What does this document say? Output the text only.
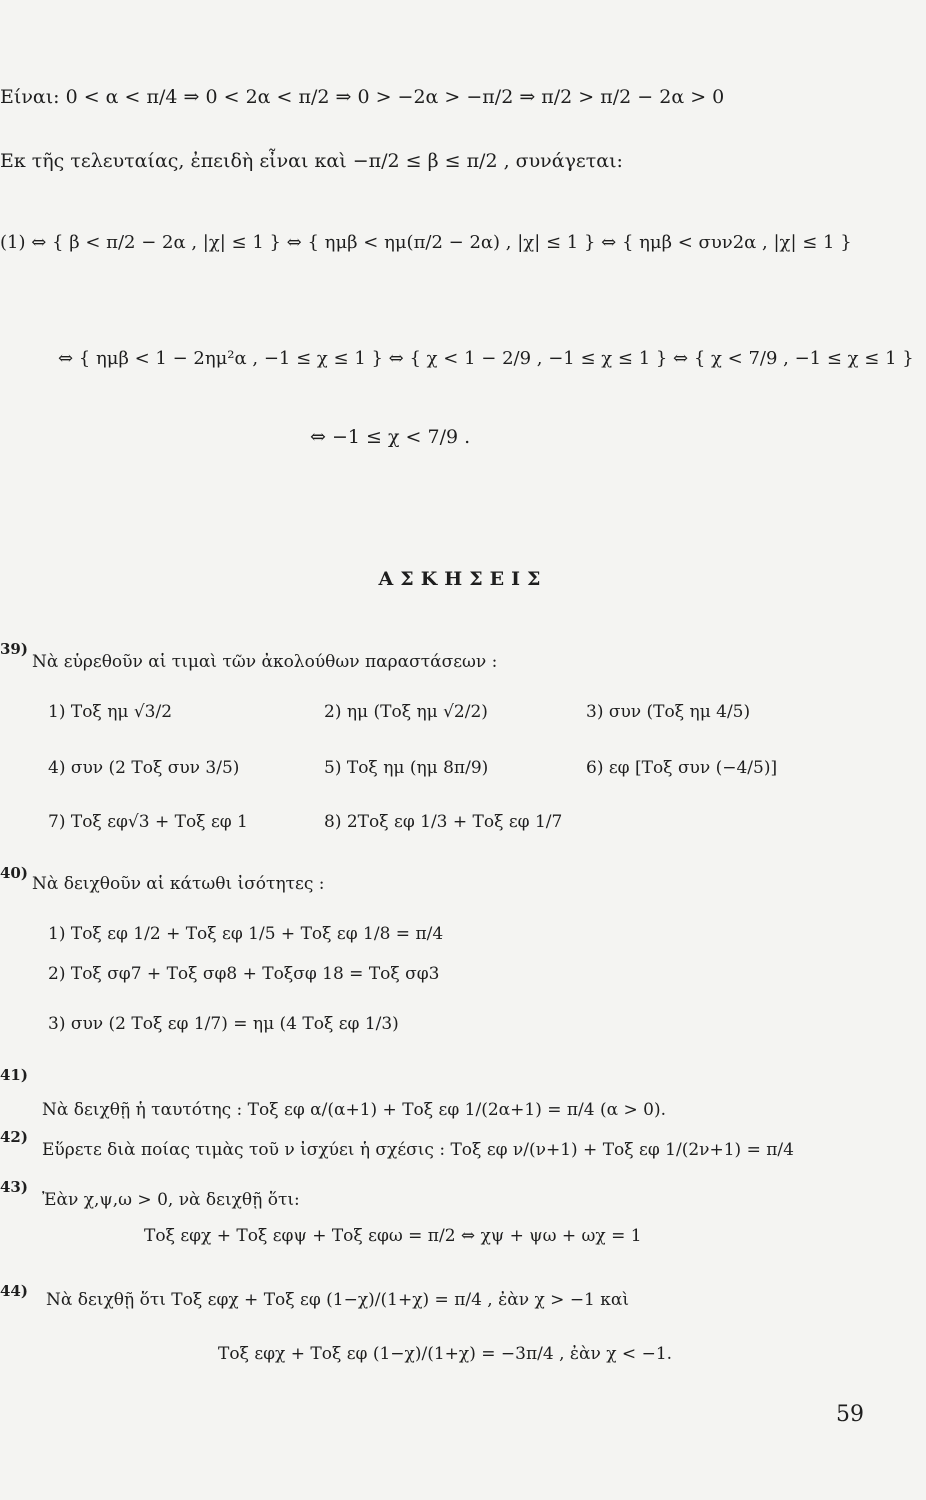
Είναι: 0 < α < π/4 ⇒ 0 < 2α < π/2 ⇒ 0 > −2α > −π/2 ⇒ π/2 > π/2 − 2α > 0
Εκ τῆς τελευταίας, ἐπειδὴ εἶναι καὶ −π/2 ≤ β ≤ π/2 , συνάγεται:
(1) ⇔ { β < π/2 − 2α , |χ| ≤ 1 } ⇔ { ημβ < ημ(π/2 − 2α) , |χ| ≤ 1 } ⇔ { ημβ < συν2α , |χ| ≤ 1 }
⇔ { ημβ < 1 − 2ημ²α , −1 ≤ χ ≤ 1 } ⇔ { χ < 1 − 2/9 , −1 ≤ χ ≤ 1 } ⇔ { χ < 7/9 , −1 ≤ χ ≤ 1 }
⇔ −1 ≤ χ < 7/9 .
ΑΣΚΗΣΕΙΣ
39)
Νὰ εὑρεθοῦν αἱ τιμαὶ τῶν ἀκολούθων παραστάσεων :
1) Τοξ ημ √3/2	2) ημ (Τοξ ημ √2/2)	3) συν (Τοξ ημ 4/5)
4) συν (2 Τοξ συν 3/5)	5) Τοξ ημ (ημ 8π/9)	6) εφ [Τοξ συν (−4/5)]
7) Τοξ εφ√3 + Τοξ εφ 1	8) 2Τοξ εφ 1/3 + Τοξ εφ 1/7
40)
Νὰ δειχθοῦν αἱ κάτωθι ἰσότητες :
1) Τοξ εφ 1/2 + Τοξ εφ 1/5 + Τοξ εφ 1/8 = π/4
2) Τοξ σφ7 + Τοξ σφ8 + Τοξσφ 18 = Τοξ σφ3
3) συν (2 Τοξ εφ 1/7) = ημ (4 Τοξ εφ 1/3)
41)
Νὰ δειχθῇ ἡ ταυτότης : Τοξ εφ α/(α+1) + Τοξ εφ 1/(2α+1) = π/4 (α > 0).
42)
Εὕρετε διὰ ποίας τιμὰς τοῦ ν ἰσχύει ἡ σχέσις : Τοξ εφ ν/(ν+1) + Τοξ εφ 1/(2ν+1) = π/4
43)
Ἐὰν χ,ψ,ω > 0, νὰ δειχθῇ ὅτι:
Τοξ εφχ + Τοξ εφψ + Τοξ εφω = π/2 ⇔ χψ + ψω + ωχ = 1
44) Νὰ δειχθῇ ὅτι Τοξ εφχ + Τοξ εφ (1−χ)/(1+χ) = π/4 , ἐὰν χ > −1 καὶ
Τοξ εφχ + Τοξ εφ (1−χ)/(1+χ) = −3π/4 , ἐὰν χ < −1.
59
